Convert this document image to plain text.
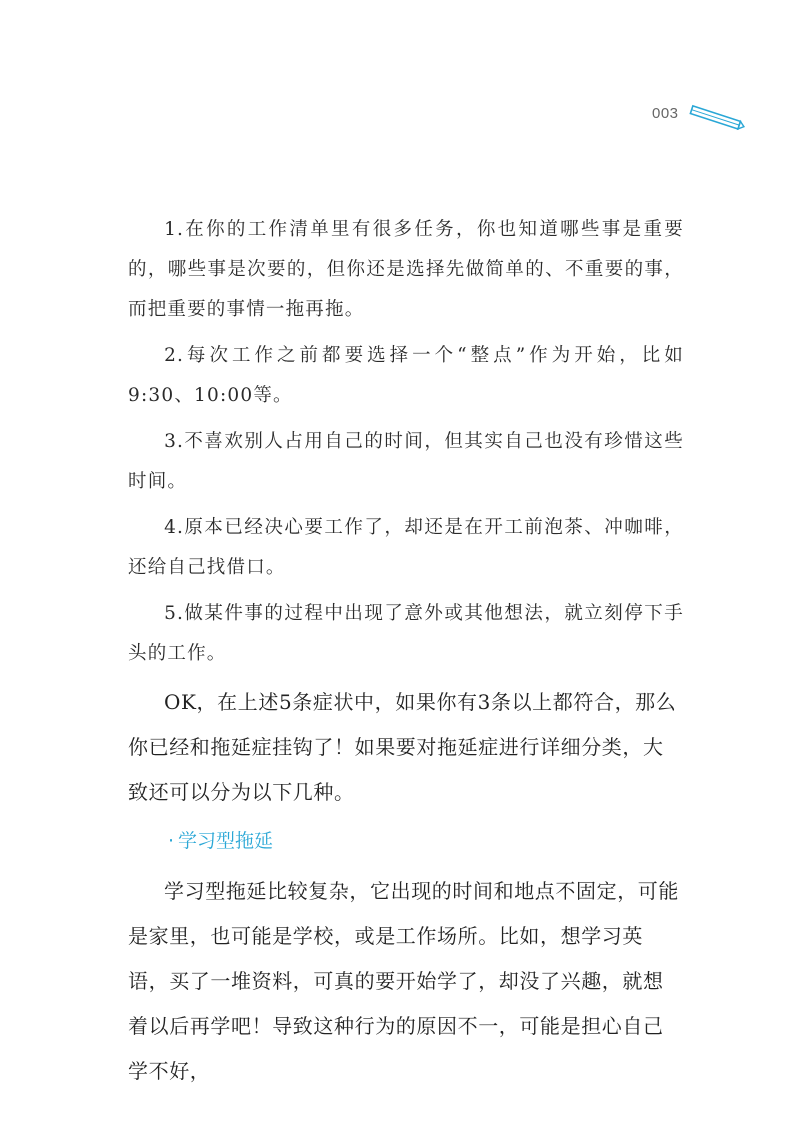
003

1.在你的工作清单里有很多任务，你也知道哪些事是重要的，哪些事是次要的，但你还是选择先做简单的、不重要的事，而把重要的事情一拖再拖。

2.每次工作之前都要选择一个“整点”作为开始，比如9:30、10:00等。

3.不喜欢别人占用自己的时间，但其实自己也没有珍惜这些时间。

4.原本已经决心要工作了，却还是在开工前泡茶、冲咖啡，还给自己找借口。

5.做某件事的过程中出现了意外或其他想法，就立刻停下手头的工作。

OK，在上述5条症状中，如果你有3条以上都符合，那么你已经和拖延症挂钩了！如果要对拖延症进行详细分类，大致还可以分为以下几种。

· 学习型拖延

学习型拖延比较复杂，它出现的时间和地点不固定，可能是家里，也可能是学校，或是工作场所。比如，想学习英语，买了一堆资料，可真的要开始学了，却没了兴趣，就想着以后再学吧！导致这种行为的原因不一，可能是担心自己学不好，
